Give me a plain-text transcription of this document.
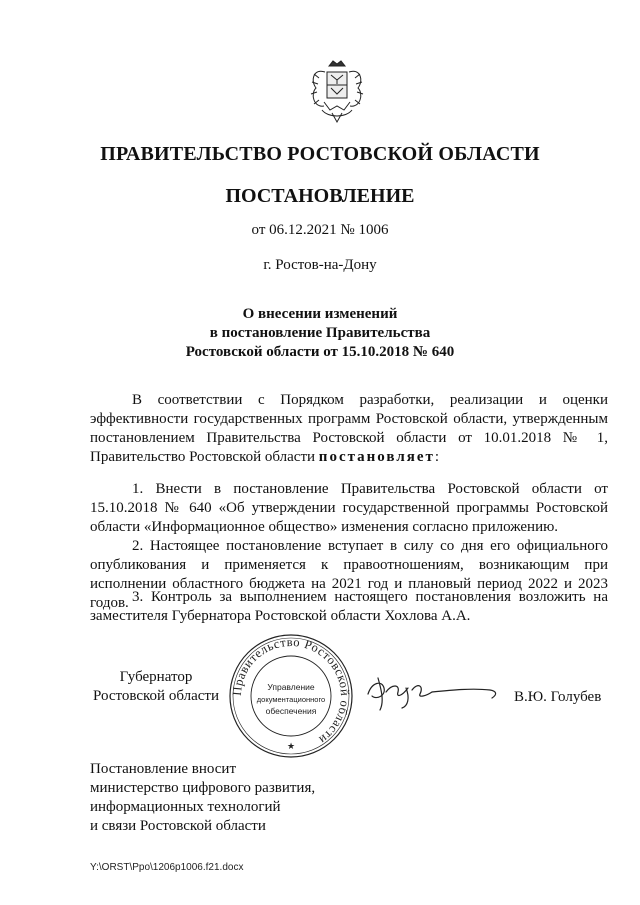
ПРАВИТЕЛЬСТВО РОСТОВСКОЙ ОБЛАСТИ
ПОСТАНОВЛЕНИЕ
от 06.12.2021 № 1006
г. Ростов-на-Дону
О внесении изменений
в постановление Правительства
Ростовской области от 15.10.2018 № 640

В соответствии с Порядком разработки, реализации и оценки эффективности государственных программ Ростовской области, утвержденным постановлением Правительства Ростовской области от 10.01.2018 № 1, Правительство Ростовской области постановляет:

1. Внести в постановление Правительства Ростовской области от 15.10.2018 № 640 «Об утверждении государственной программы Ростовской области «Информационное общество» изменения согласно приложению.

2. Настоящее постановление вступает в силу со дня его официального опубликования и применяется к правоотношениям, возникающим при исполнении областного бюджета на 2021 год и плановый период 2022 и 2023 годов. 3. Контроль за выполнением настоящего постановления возложить на заместителя Губернатора Ростовской области Хохлова А.А.

Губернатор
Ростовской области Правительство Ростовской области
Управление
документационного
обеспечения
★
В.Ю. Голубев
Постановление вносит
министерство цифрового развития,
информационных технологий
и связи Ростовской области
Y:\ORST\Ppo\1206p1006.f21.docx
